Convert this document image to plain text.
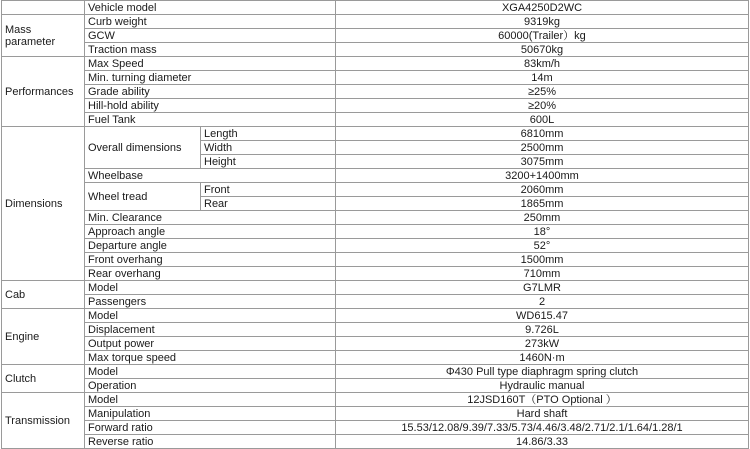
	Vehicle model		XGA4250D2WC
Mass
parameter	Curb weight		9319kg
	GCW		60000(Trailer）kg
	Traction mass		50670kg
Performances	Max Speed		83km/h
	Min. turning diameter		14m
	Grade ability		≥25%
	Hill-hold ability		≥20%
	Fuel Tank		600L
Dimensions	Overall dimensions	Length	6810mm
		Width	2500mm
		Height	3075mm
	Wheelbase		3200+1400mm
	Wheel tread	Front	2060mm
		Rear	1865mm
	Min. Clearance		250mm
	Approach angle		18°
	Departure angle		52°
	Front overhang		1500mm
	Rear overhang		710mm
Cab	Model		G7LMR
	Passengers		2
Engine	Model		WD615.47
	Displacement		9.726L
	Output power		273kW
	Max torque speed		1460N·m
Clutch	Model		Φ430 Pull type diaphragm spring clutch
	Operation		Hydraulic manual
Transmission	Model		12JSD160T（PTO Optional ）
	Manipulation		Hard shaft
	Forward ratio		15.53/12.08/9.39/7.33/5.73/4.46/3.48/2.71/2.1/1.64/1.28/1
	Reverse ratio		14.86/3.33
